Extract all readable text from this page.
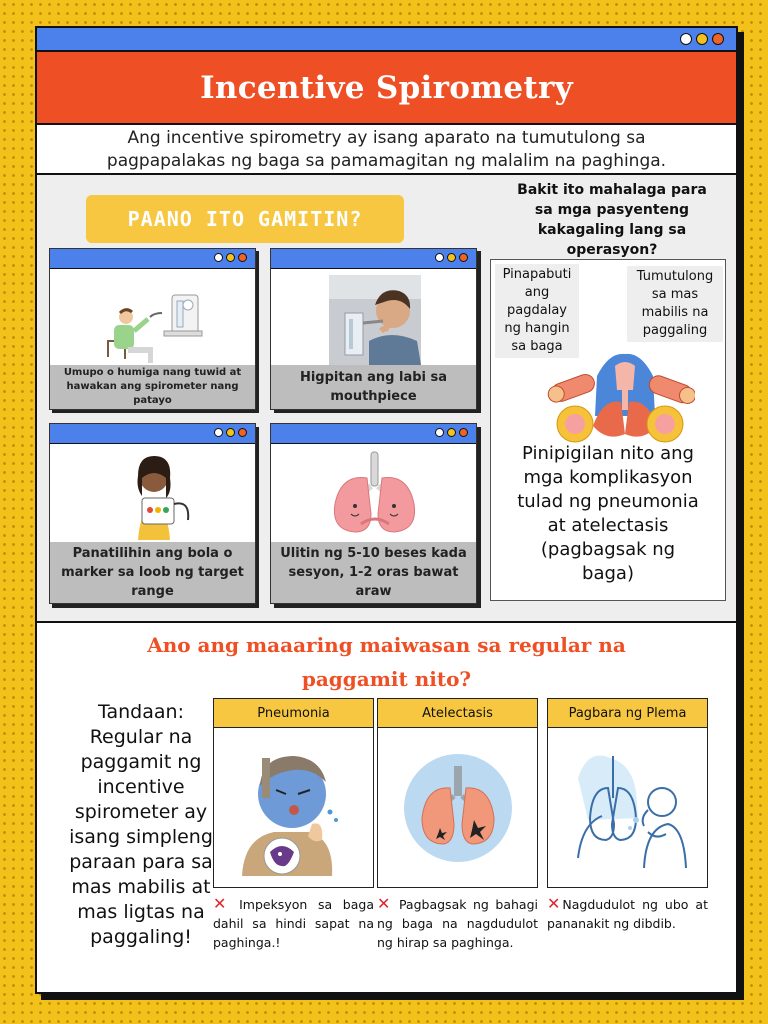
Incentive Spirometry
Ang incentive spirometry ay isang aparato na tumutulong sa
pagpapalakas ng baga sa pamamagitan ng malalim na paghinga.
PAANO ITO GAMITIN?
Umupo o humiga nang tuwid at hawakan ang spirometer nang patayo
Higpitan ang labi sa mouthpiece
Panatilihin ang bola o marker sa loob ng target range
Ulitin ng 5-10 beses kada sesyon, 1-2 oras bawat araw
Bakit ito mahalaga para
sa mga pasyenteng
kakagaling lang sa
operasyon?
Pinapabuti
ang
pagdalay
ng hangin
sa baga
Tumutulong
sa mas
mabilis na
paggaling
Pinipigilan nito ang
mga komplikasyon
tulad ng pneumonia
at atelectasis
(pagbagsak ng
baga)
Ano ang maaaring maiwasan sa regular na
paggamit nito?
Tandaan:
Regular na
paggamit ng
incentive
spirometer ay
isang simpleng
paraan para sa
mas mabilis at
mas ligtas na
paggaling!
Pneumonia
✕ Impeksyon sa baga dahil sa hindi sapat na paghinga.!
Atelectasis
✕ Pagbagsak ng bahagi ng baga na nagdudulot ng hirap sa paghinga.
Pagbara ng Plema
✕ Nagdudulot ng ubo at pananakit ng dibdib.
